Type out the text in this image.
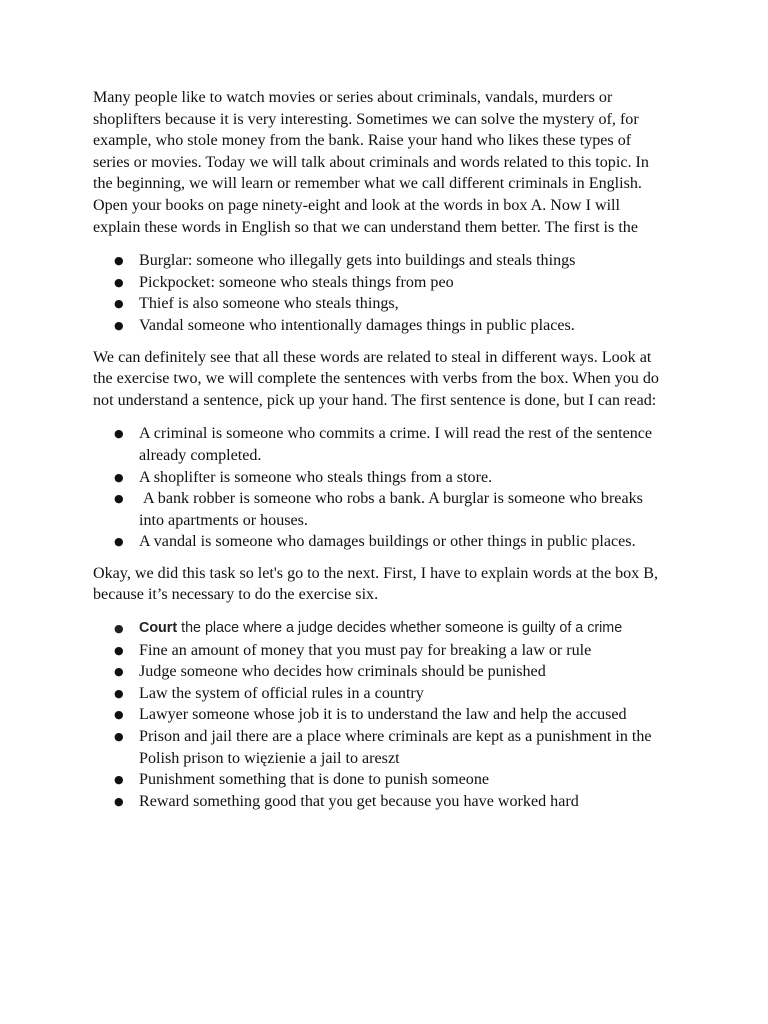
Many people like to watch movies or series about criminals, vandals, murders or shoplifters because it is very interesting. Sometimes we can solve the mystery of, for example, who stole money from the bank. Raise your hand who likes these types of series or movies. Today we will talk about criminals and words related to this topic. In the beginning, we will learn or remember what we call different criminals in English. Open your books on page ninety-eight and look at the words in box A. Now I will explain these words in English so that we can understand them better. The first is the

● Burglar: someone who illegally gets into buildings and steals things
● Pickpocket: someone who steals things from peo
● Thief is also someone who steals things,
● Vandal someone who intentionally damages things in public places.

We can definitely see that all these words are related to steal in different ways. Look at the exercise two, we will complete the sentences with verbs from the box. When you do not understand a sentence, pick up your hand. The first sentence is done, but I can read:

● A criminal is someone who commits a crime. I will read the rest of the sentence already completed.
● A shoplifter is someone who steals things from a store.
● A bank robber is someone who robs a bank. A burglar is someone who breaks into apartments or houses.
● A vandal is someone who damages buildings or other things in public places.

Okay, we did this task so let's go to the next. First, I have to explain words at the box B, because it’s necessary to do the exercise six.

● Court the place where a judge decides whether someone is guilty of a crime
● Fine an amount of money that you must pay for breaking a law or rule
● Judge someone who decides how criminals should be punished
● Law the system of official rules in a country
● Lawyer someone whose job it is to understand the law and help the accused
● Prison and jail there are a place where criminals are kept as a punishment in the Polish prison to więzienie a jail to areszt
● Punishment something that is done to punish someone
● Reward something good that you get because you have worked hard
